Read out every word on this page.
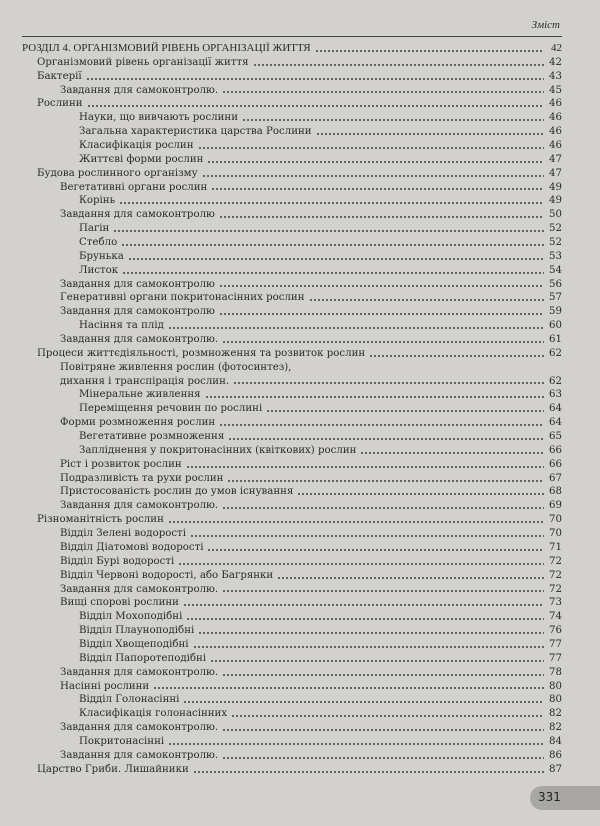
Зміст
РОЗДІЛ 4. ОРГАНІЗМОВИЙ РІВЕНЬ ОРГАНІЗАЦІЇ ЖИТТЯ	42
Організмовий рівень організації життя	42
Бактерії	43
Завдання для самоконтролю.	45
Рослини	46
Науки, що вивчають рослини	46
Загальна характеристика царства Рослини	46
Класифікація рослин	46
Життєві форми рослин	47
Будова рослинного організму	47
Вегетативні органи рослин	49
Корінь	49
Завдання для самоконтролю	50
Пагін	52
Стебло	52
Брунька	53
Листок	54
Завдання для самоконтролю	56
Генеративні органи покритонасінних рослин	57
Завдання для самоконтролю	59
Насіння та плід	60
Завдання для самоконтролю.	61
Процеси життєдіяльності, розмноження та розвиток рослин	62
Повітряне живлення рослин (фотосинтез),
дихання і транспірація рослин.	62
Мінеральне живлення	63
Переміщення речовин по рослині	64
Форми розмноження рослин	64
Вегетативне розмноження	65
Запліднення у покритонасінних (квіткових) рослин	66
Ріст і розвиток рослин	66
Подразливість та рухи рослин	67
Пристосованість рослин до умов існування	68
Завдання для самоконтролю.	69
Різноманітність рослин	70
Відділ Зелені водорості	70
Відділ Діатомові водорості	71
Відділ Бурі водорості	72
Відділ Червоні водорості, або Багрянки	72
Завдання для самоконтролю.	72
Вищі спорові рослини	73
Відділ Мохоподібні	74
Відділ Плауноподібні	76
Відділ Хвощеподібні	77
Відділ Папоротеподібні	77
Завдання для самоконтролю.	78
Насінні рослини	80
Відділ Голонасінні	80
Класифікація голонасінних	82
Завдання для самоконтролю.	82
Покритонасінні	84
Завдання для самоконтролю.	86
Царство Гриби. Лишайники	87
331
